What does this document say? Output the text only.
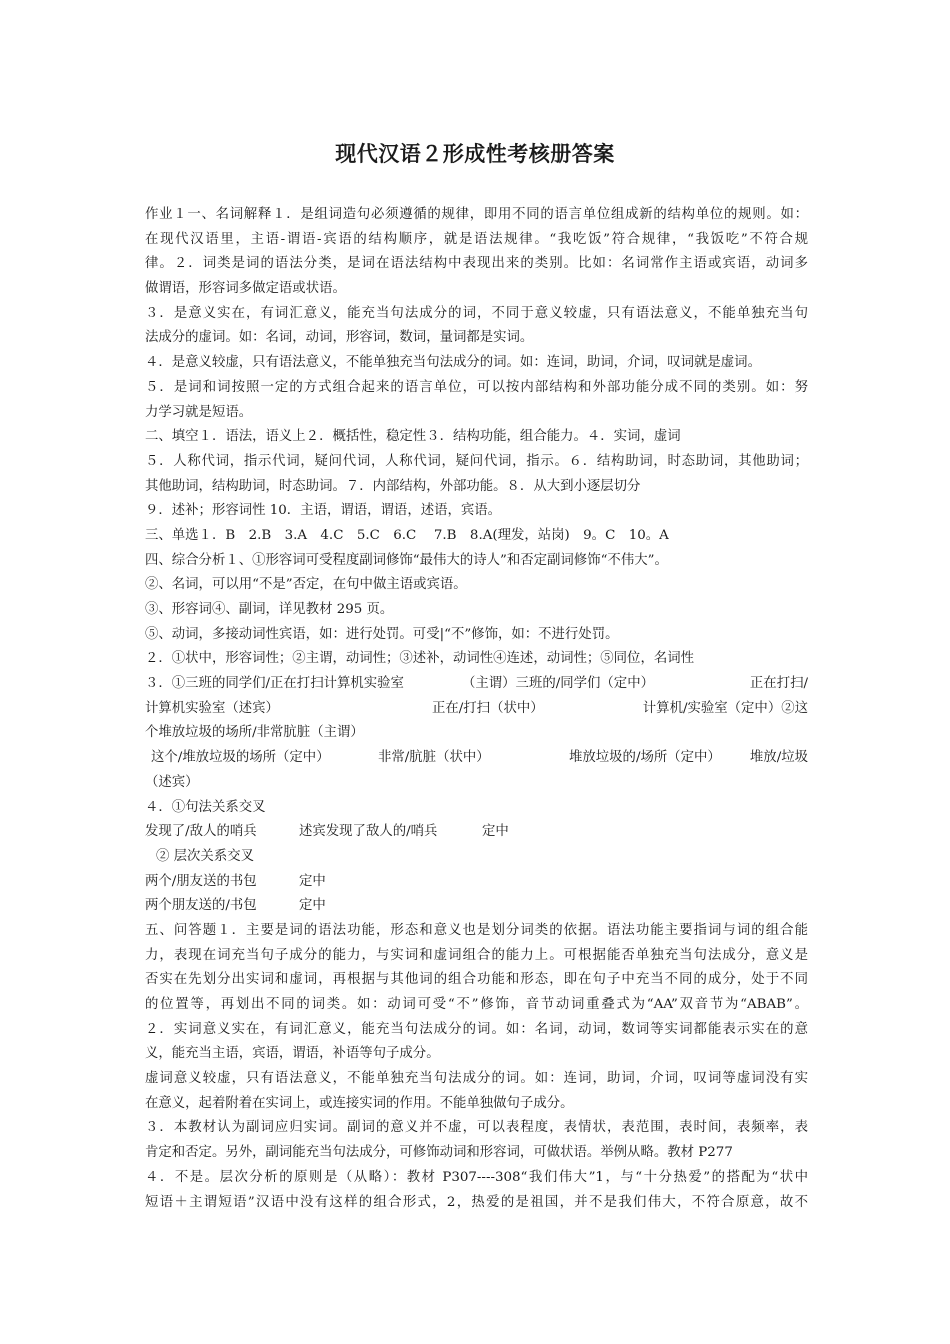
现代汉语２形成性考核册答案
作业１一、名词解释１．是组词造句必须遵循的规律，即用不同的语言单位组成新的结构单位的规则。如：
在现代汉语里，主语-谓语-宾语的结构顺序，就是语法规律。“我吃饭”符合规律，“我饭吃”不符合规
律。２．词类是词的语法分类，是词在语法结构中表现出来的类别。比如：名词常作主语或宾语，动词多
做谓语，形容词多做定语或状语。
３．是意义实在，有词汇意义，能充当句法成分的词，不同于意义较虚，只有语法意义，不能单独充当句
法成分的虚词。如：名词，动词，形容词，数词，量词都是实词。
４．是意义较虚，只有语法意义，不能单独充当句法成分的词。如：连词，助词，介词，叹词就是虚词。
５．是词和词按照一定的方式组合起来的语言单位，可以按内部结构和外部功能分成不同的类别。如：努
力学习就是短语。
二、填空１．语法，语义上２．概括性，稳定性３．结构功能，组合能力。４．实词，虚词
５．人称代词，指示代词，疑问代词，人称代词，疑问代词，指示。６．结构助词，时态助词，其他助词；
其他助词，结构助词，时态助词。７．内部结构，外部功能。８．从大到小逐层切分
９．述补；形容词性 10．主语，谓语，谓语，述语，宾语。
三、单选１．B　2.B　3.A　4.C　5.C　6.C　 7.B　8.A(理发，站岗)　9。C　10。A
四、综合分析１、①形容词可受程度副词修饰“最伟大的诗人”和否定副词修饰“不伟大”。
②、名词，可以用“不是”否定，在句中做主语或宾语。
③、形容词④、副词，详见教材 295 页。
⑤、动词，多接动词性宾语，如：进行处罚。可受|“不”修饰，如：不进行处罚。
２．①状中，形容词性；②主谓，动词性；③述补，动词性④连述，动词性；⑤同位，名词性
３．①三班的同学们/正在打扫计算机实验室	（主谓）三班的/同学们（定中）	正在打扫/
计算机实验室（述宾）	正在/打扫（状中）	计算机/实验室（定中）②这
个堆放垃圾的场所/非常肮脏（主谓）
这个/堆放垃圾的场所（定中）	非常/肮脏（状中）	堆放垃圾的/场所（定中） 堆放/垃圾
（述宾）
４．①句法关系交叉
发现了/敌人的哨兵	述宾发现了敌人的/哨兵	定中
② 层次关系交叉
两个/朋友送的书包	定中
两个朋友送的/书包	定中
五、问答题１．主要是词的语法功能，形态和意义也是划分词类的依据。语法功能主要指词与词的组合能
力，表现在词充当句子成分的能力，与实词和虚词组合的能力上。可根据能否单独充当句法成分，意义是
否实在先划分出实词和虚词，再根据与其他词的组合功能和形态，即在句子中充当不同的成分，处于不同
的位置等，再划出不同的词类。如：动词可受“不”修饰，音节动词重叠式为“AA”双音节为“ABAB”。
２．实词意义实在，有词汇意义，能充当句法成分的词。如：名词，动词，数词等实词都能表示实在的意
义，能充当主语，宾语，谓语，补语等句子成分。
虚词意义较虚，只有语法意义，不能单独充当句法成分的词。如：连词，助词，介词，叹词等虚词没有实
在意义，起着附着在实词上，或连接实词的作用。不能单独做句子成分。
３．本教材认为副词应归实词。副词的意义并不虚，可以表程度，表情状，表范围，表时间，表频率，表
肯定和否定。另外，副词能充当句法成分，可修饰动词和形容词，可做状语。举例从略。教材 P277
４．不是。层次分析的原则是（从略）：教材 P307----308“我们伟大”1，与“十分热爱”的搭配为“状中
短语＋主谓短语”汉语中没有这样的组合形式，2，热爱的是祖国，并不是我们伟大，不符合原意，故不
